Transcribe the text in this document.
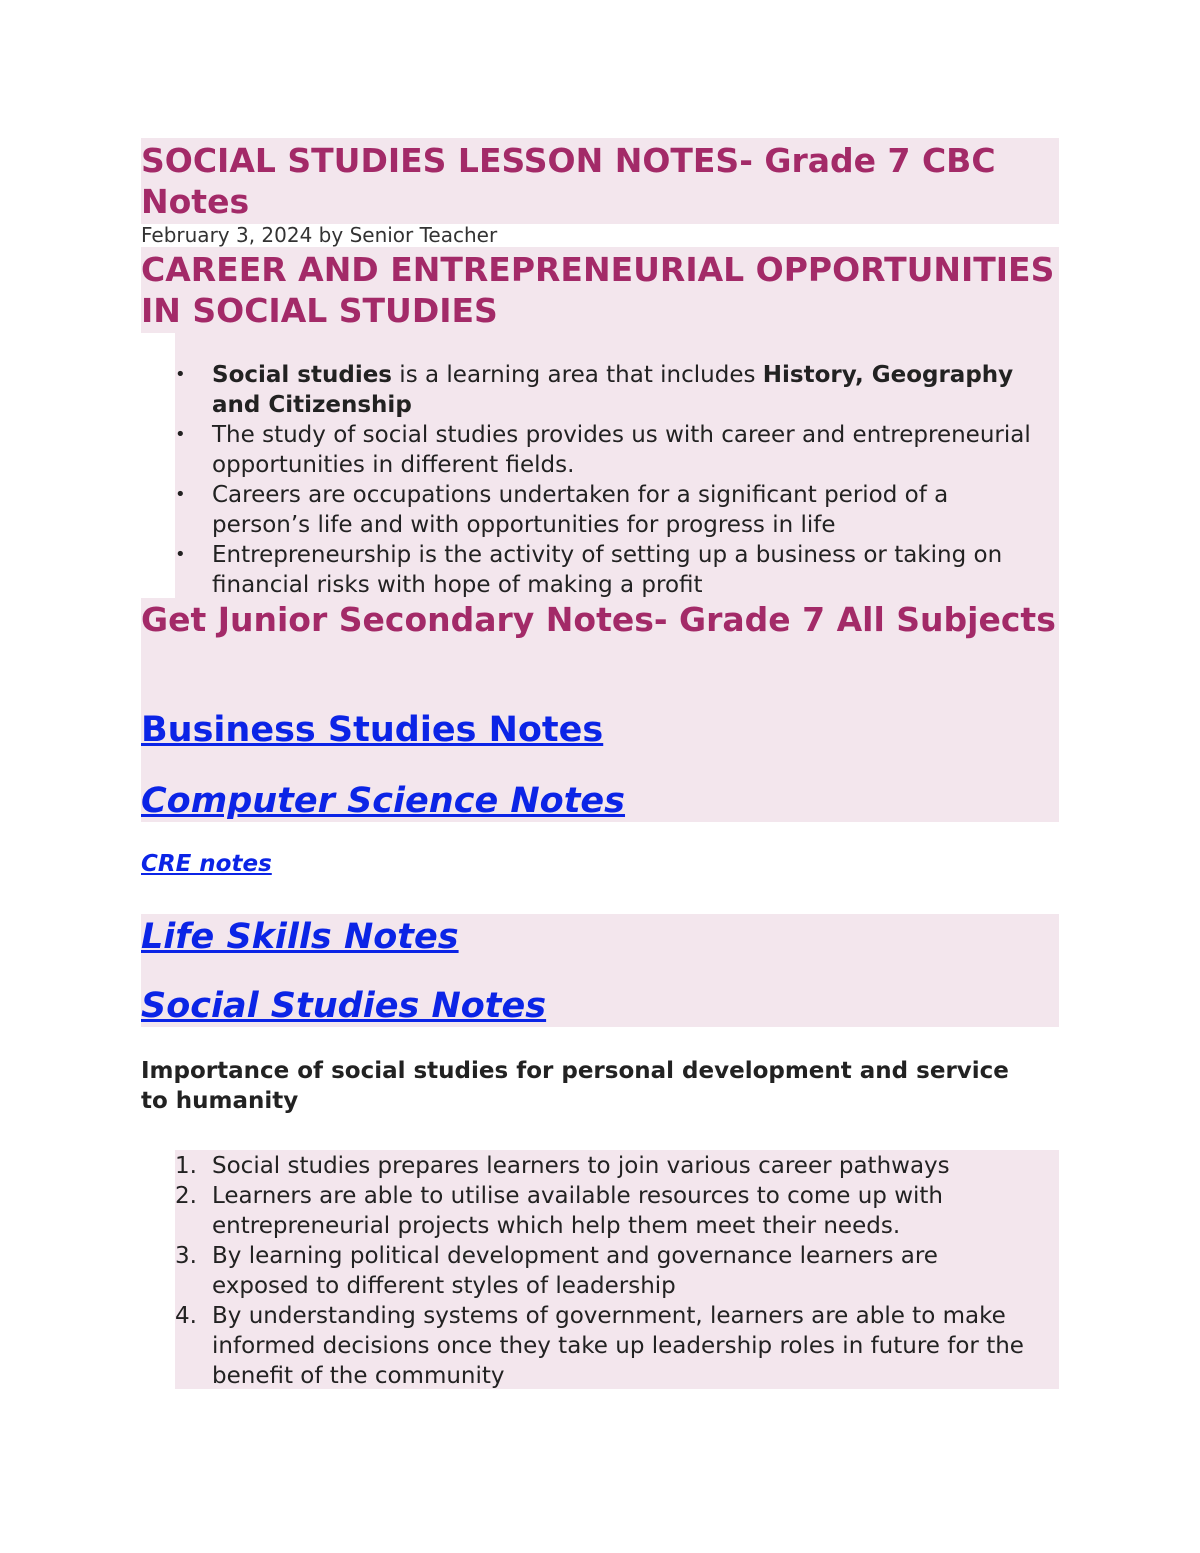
SOCIAL STUDIES LESSON NOTES- Grade 7 CBC Notes

February 3, 2024 by Senior Teacher

CAREER AND ENTREPRENEURIAL OPPORTUNITIES IN SOCIAL STUDIES
• Social studies is a learning area that includes History, Geography and Citizenship
• The study of social studies provides us with career and entrepreneurial opportunities in different fields.
• Careers are occupations undertaken for a significant period of a person’s life and with opportunities for progress in life
• Entrepreneurship is the activity of setting up a business or taking on financial risks with hope of making a profit
Get Junior Secondary Notes- Grade 7 All Subjects
Business Studies Notes
Computer Science Notes
CRE notes
Life Skills Notes
Social Studies Notes
Importance of social studies for personal development and service to humanity
1. Social studies prepares learners to join various career pathways
2. Learners are able to utilise available resources to come up with entrepreneurial projects which help them meet their needs.
3. By learning political development and governance learners are exposed to different styles of leadership
4. By understanding systems of government, learners are able to make informed decisions once they take up leadership roles in future for the benefit of the community
